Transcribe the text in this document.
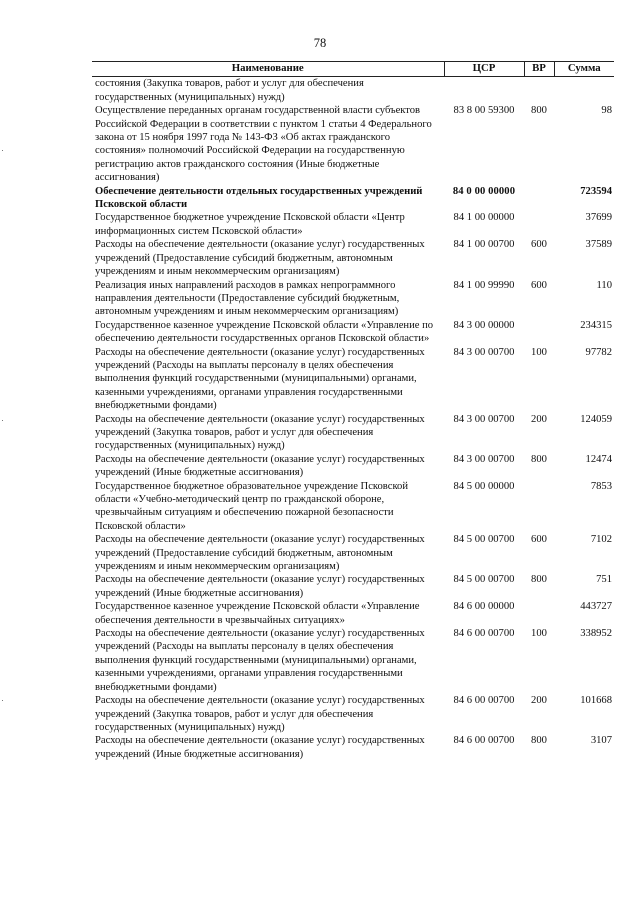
78
Наименование	ЦСР	ВР	Сумма
состояния (Закупка товаров, работ и услуг для обеспечения государственных (муниципальных) нужд)			
Осуществление переданных органам государственной власти субъектов Российской Федерации в соответствии с пунктом 1 статьи 4 Федерального закона от 15 ноября 1997 года № 143-ФЗ «Об актах гражданского состояния» полномочий Российской Федерации на государственную регистрацию актов гражданского состояния (Иные бюджетные ассигнования)	83 8 00 59300	800	98
Обеспечение деятельности отдельных государственных учреждений Псковской области	84 0 00 00000		723594
Государственное бюджетное учреждение Псковской области «Центр информационных систем Псковской области»	84 1 00 00000		37699
Расходы на обеспечение деятельности (оказание услуг) государственных учреждений (Предоставление субсидий бюджетным, автономным учреждениям и иным некоммерческим организациям)	84 1 00 00700	600	37589
Реализация иных направлений расходов в рамках непрограммного направления деятельности (Предоставление субсидий бюджетным, автономным учреждениям и иным некоммерческим организациям)	84 1 00 99990	600	110
Государственное казенное учреждение Псковской области «Управление по обеспечению деятельности государственных органов Псковской области»	84 3 00 00000		234315
Расходы на обеспечение деятельности (оказание услуг) государственных учреждений (Расходы на выплаты персоналу в целях обеспечения выполнения функций государственными (муниципальными) органами, казенными учреждениями, органами управления государственными внебюджетными фондами)	84 3 00 00700	100	97782
Расходы на обеспечение деятельности (оказание услуг) государственных учреждений (Закупка товаров, работ и услуг для обеспечения государственных (муниципальных) нужд)	84 3 00 00700	200	124059
Расходы на обеспечение деятельности (оказание услуг) государственных учреждений (Иные бюджетные ассигнования)	84 3 00 00700	800	12474
Государственное бюджетное образовательное учреждение Псковской области «Учебно-методический центр по гражданской обороне, чрезвычайным ситуациям и обеспечению пожарной безопасности Псковской области»	84 5 00 00000		7853
Расходы на обеспечение деятельности (оказание услуг) государственных учреждений (Предоставление субсидий бюджетным, автономным учреждениям и иным некоммерческим организациям)	84 5 00 00700	600	7102
Расходы на обеспечение деятельности (оказание услуг) государственных учреждений (Иные бюджетные ассигнования)	84 5 00 00700	800	751
Государственное казенное учреждение Псковской области «Управление обеспечения деятельности в чрезвычайных ситуациях»	84 6 00 00000		443727
Расходы на обеспечение деятельности (оказание услуг) государственных учреждений (Расходы на выплаты персоналу в целях обеспечения выполнения функций государственными (муниципальными) органами, казенными учреждениями, органами управления государственными внебюджетными фондами)	84 6 00 00700	100	338952
Расходы на обеспечение деятельности (оказание услуг) государственных учреждений (Закупка товаров, работ и услуг для обеспечения государственных (муниципальных) нужд)	84 6 00 00700	200	101668
Расходы на обеспечение деятельности (оказание услуг) государственных учреждений (Иные бюджетные ассигнования)	84 6 00 00700	800	3107
